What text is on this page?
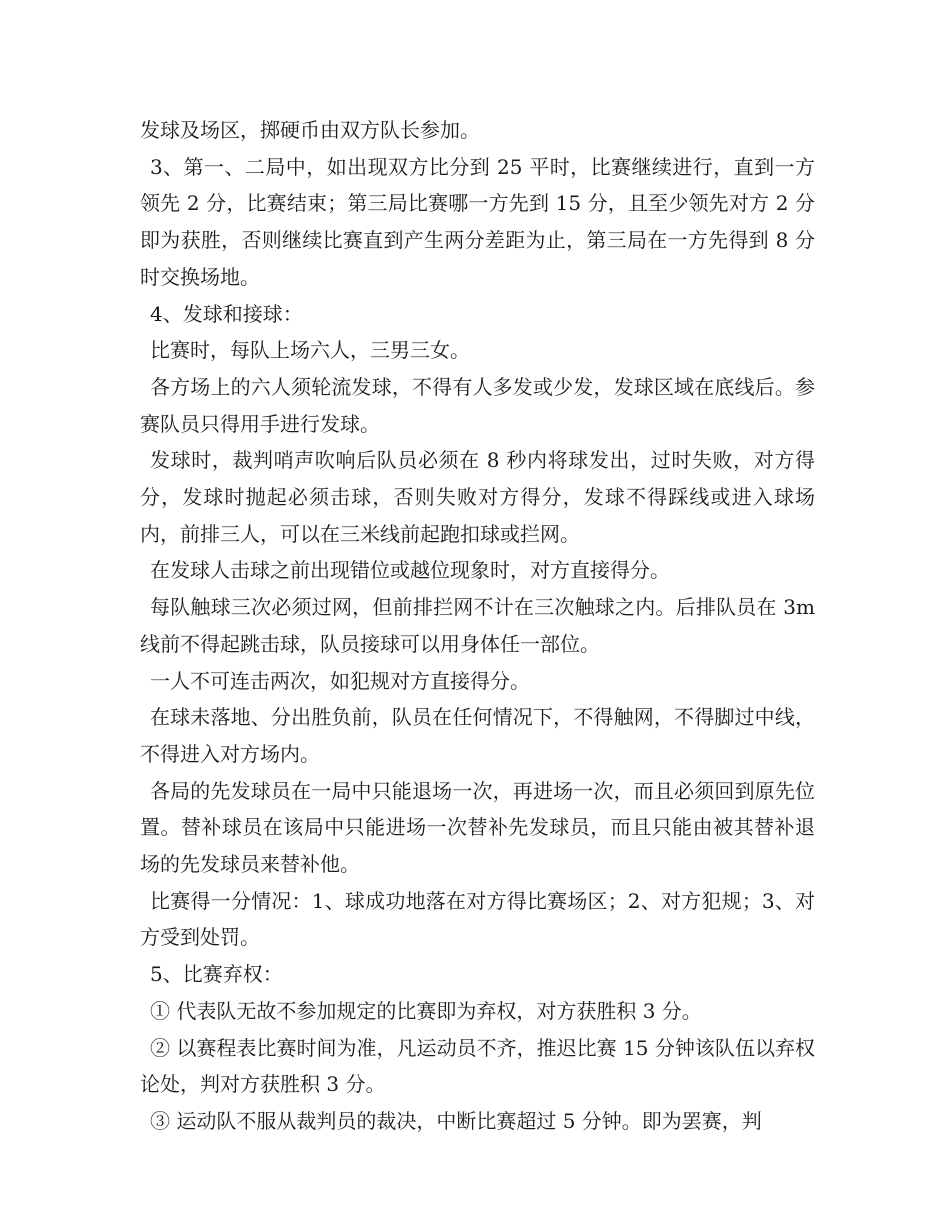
发球及场区，掷硬币由双方队长参加。

3、第一、二局中，如出现双方比分到 25 平时，比赛继续进行，直到一方领先 2 分，比赛结束；第三局比赛哪一方先到 15 分，且至少领先对方 2 分即为获胜，否则继续比赛直到产生两分差距为止，第三局在一方先得到 8 分时交换场地。

4、发球和接球：

比赛时，每队上场六人，三男三女。

各方场上的六人须轮流发球，不得有人多发或少发，发球区域在底线后。参赛队员只得用手进行发球。

发球时，裁判哨声吹响后队员必须在 8 秒内将球发出，过时失败，对方得分，发球时抛起必须击球，否则失败对方得分，发球不得踩线或进入球场内，前排三人，可以在三米线前起跑扣球或拦网。

在发球人击球之前出现错位或越位现象时，对方直接得分。

每队触球三次必须过网，但前排拦网不计在三次触球之内。后排队员在 3m 线前不得起跳击球，队员接球可以用身体任一部位。

一人不可连击两次，如犯规对方直接得分。

在球未落地、分出胜负前，队员在任何情况下，不得触网，不得脚过中线，不得进入对方场内。

各局的先发球员在一局中只能退场一次，再进场一次，而且必须回到原先位置。替补球员在该局中只能进场一次替补先发球员，而且只能由被其替补退场的先发球员来替补他。

比赛得一分情况：1、球成功地落在对方得比赛场区；2、对方犯规；3、对方受到处罚。

5、比赛弃权：

① 代表队无故不参加规定的比赛即为弃权，对方获胜积 3 分。

② 以赛程表比赛时间为准，凡运动员不齐，推迟比赛 15 分钟该队伍以弃权论处，判对方获胜积 3 分。

③ 运动队不服从裁判员的裁决，中断比赛超过 5 分钟。即为罢赛，判
